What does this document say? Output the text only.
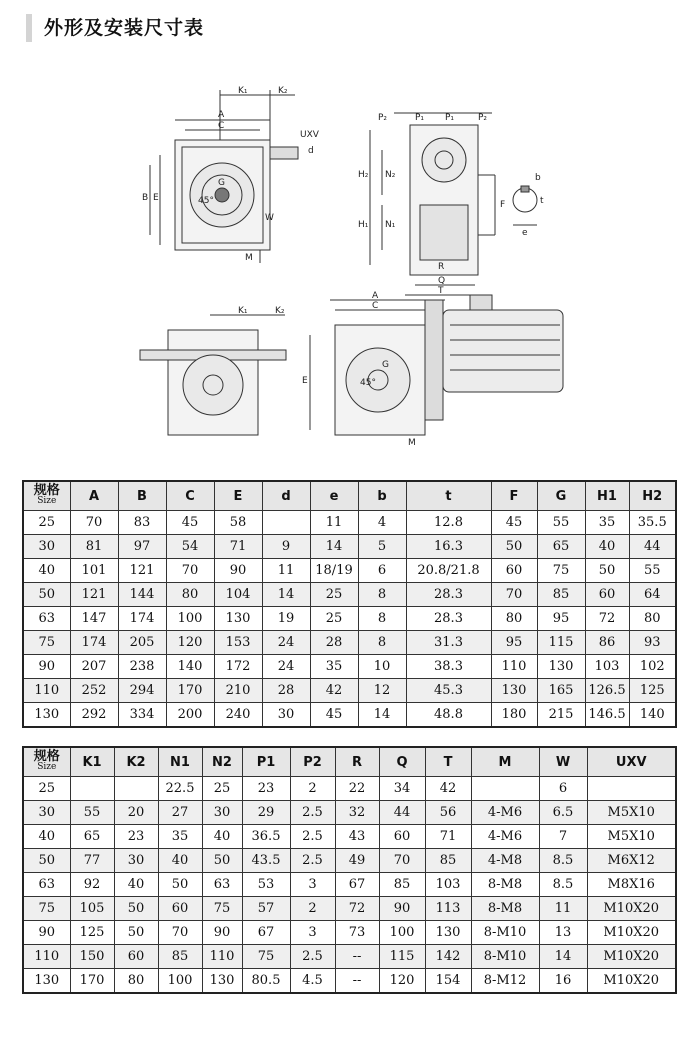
外形及安装尺寸表
K₁	K₂
A
C
UXV
d
B E	45°
G
M
W
P₂	P₁ P₁	P₂
H₂ N₂
H₁ N₁
F
R
Q
T
b
t
e
K₁	K₂
A
C
E	45°
G
M
规格
Size	A	B	C	E	d	e	b	t	F	G	H1	H2
25	70	83	45	58		11	4	12.8	45	55	35	35.5
30	81	97	54	71	9	14	5	16.3	50	65	40	44
40	101	121	70	90	11	18/19	6	20.8/21.8	60	75	50	55
50	121	144	80	104	14	25	8	28.3	70	85	60	64
63	147	174	100	130	19	25	8	28.3	80	95	72	80
75	174	205	120	153	24	28	8	31.3	95	115	86	93
90	207	238	140	172	24	35	10	38.3	110	130	103	102
110	252	294	170	210	28	42	12	45.3	130	165	126.5	125
130	292	334	200	240	30	45	14	48.8	180	215	146.5	140
规格
Size	K1	K2	N1	N2	P1	P2	R	Q	T	M	W	UXV
25			22.5	25	23	2	22	34	42		6	
30	55	20	27	30	29	2.5	32	44	56	4-M6	6.5	M5X10
40	65	23	35	40	36.5	2.5	43	60	71	4-M6	7	M5X10
50	77	30	40	50	43.5	2.5	49	70	85	4-M8	8.5	M6X12
63	92	40	50	63	53	3	67	85	103	8-M8	8.5	M8X16
75	105	50	60	75	57	2	72	90	113	8-M8	11	M10X20
90	125	50	70	90	67	3	73	100	130	8-M10	13	M10X20
110	150	60	85	110	75	2.5	--	115	142	8-M10	14	M10X20
130	170	80	100	130	80.5	4.5	--	120	154	8-M12	16	M10X20
